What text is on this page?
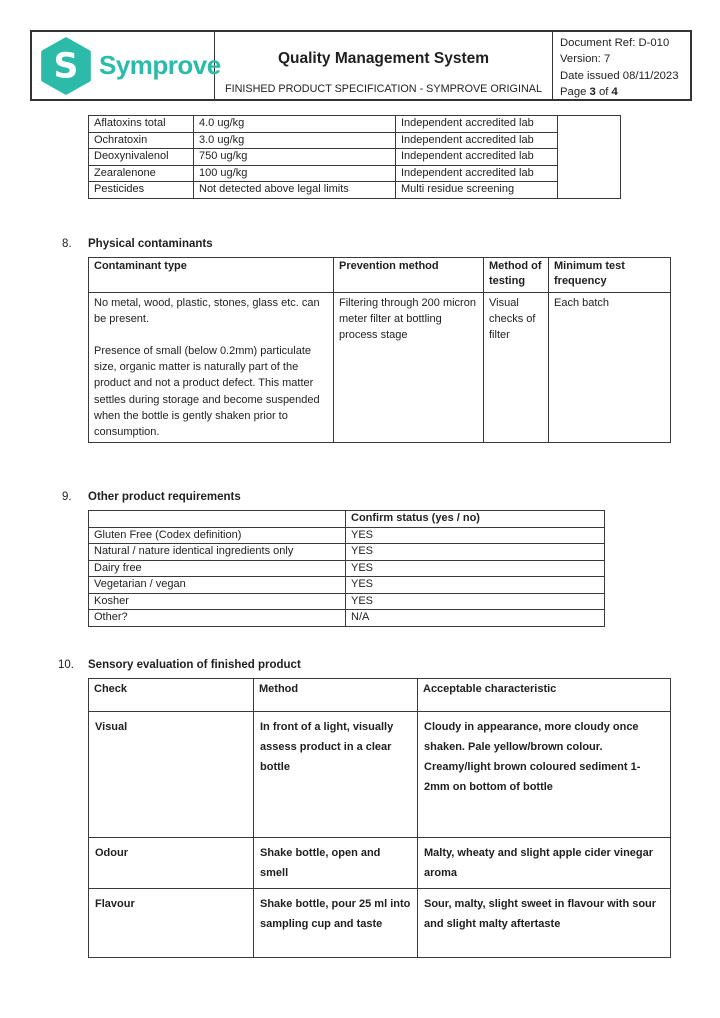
S Symprove	Quality Management System
FINISHED PRODUCT SPECIFICATION - SYMPROVE ORIGINAL
Document Ref: D-010
Version: 7
Date issued 08/11/2023
Page 3 of 4
Aflatoxins total	4.0 ug/kg	Independent accredited lab	
Ochratoxin	3.0 ug/kg	Independent accredited lab	
Deoxynivalenol	750 ug/kg	Independent accredited lab	
Zearalenone	100 ug/kg	Independent accredited lab	
Pesticides	Not detected above legal limits	Multi residue screening	
8.	Physical contaminants
Contaminant type	Prevention method	Method of testing	Minimum test frequency

No metal, wood, plastic, stones, glass etc. can be present.
Presence of small (below 0.2mm) particulate size, organic matter is naturally part of the product and not a product defect. This matter settles during storage and become suspended when the bottle is gently shaken prior to consumption.	Filtering through 200 micron meter filter at bottling process stage	Visual checks of filter	Each batch
9.	Other product requirements
	Confirm status (yes / no)
Gluten Free (Codex definition)	YES
Natural / nature identical ingredients only	YES
Dairy free	YES
Vegetarian / vegan	YES
Kosher	YES
Other?	N/A
10.	Sensory evaluation of finished product
Check	Method	Acceptable characteristic
Visual	In front of a light, visually assess product in a clear bottle	Cloudy in appearance, more cloudy once shaken. Pale yellow/brown colour.
Creamy/light brown coloured sediment 1-2mm on bottom of bottle

Odour	Shake bottle, open and smell	Malty, wheaty and slight apple cider vinegar aroma
Flavour	Shake bottle, pour 25 ml into sampling cup and taste	Sour, malty, slight sweet in flavour with sour and slight malty aftertaste
